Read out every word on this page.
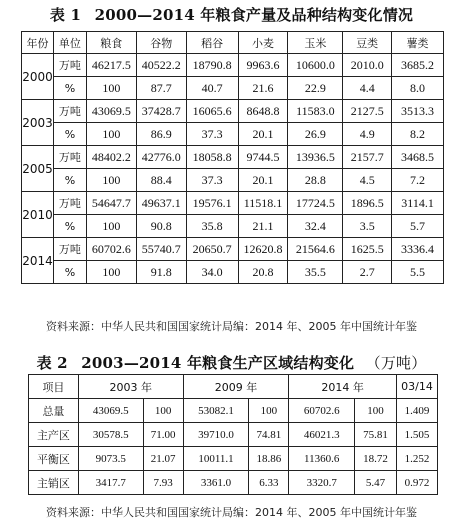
表 1 2000—2014 年粮食产量及品种结构变化情况
年份	单位	粮食	谷物	稻谷	小麦	玉米	豆类	薯类
2000	万吨	46217.5	40522.2	18790.8	9963.6	10600.0	2010.0	3685.2
	%	100	87.7	40.7	21.6	22.9	4.4	8.0
2003	万吨	43069.5	37428.7	16065.6	8648.8	11583.0	2127.5	3513.3
	%	100	86.9	37.3	20.1	26.9	4.9	8.2
2005	万吨	48402.2	42776.0	18058.8	9744.5	13936.5	2157.7	3468.5
	%	100	88.4	37.3	20.1	28.8	4.5	7.2
2010	万吨	54647.7	49637.1	19576.1	11518.1	17724.5	1896.5	3114.1
	%	100	90.8	35.8	21.1	32.4	3.5	5.7
2014	万吨	60702.6	55740.7	20650.7	12620.8	21564.6	1625.5	3336.4
	%	100	91.8	34.0	20.8	35.5	2.7	5.5
资料来源：中华人民共和国国家统计局编：2014 年、2005 年中国统计年鉴
表 2 2003—2014 年粮食生产区域结构变化 （万吨）
项目	2003 年		2009 年		2014 年		03/14
总量	43069.5	100	53082.1	100	60702.6	100	1.409
主产区	30578.5	71.00	39710.0	74.81	46021.3	75.81	1.505
平衡区	9073.5	21.07	10011.1	18.86	11360.6	18.72	1.252
主销区	3417.7	7.93	3361.0	6.33	3320.7	5.47	0.972
资料来源：中华人民共和国国家统计局编：2014 年、2005 年中国统计年鉴
